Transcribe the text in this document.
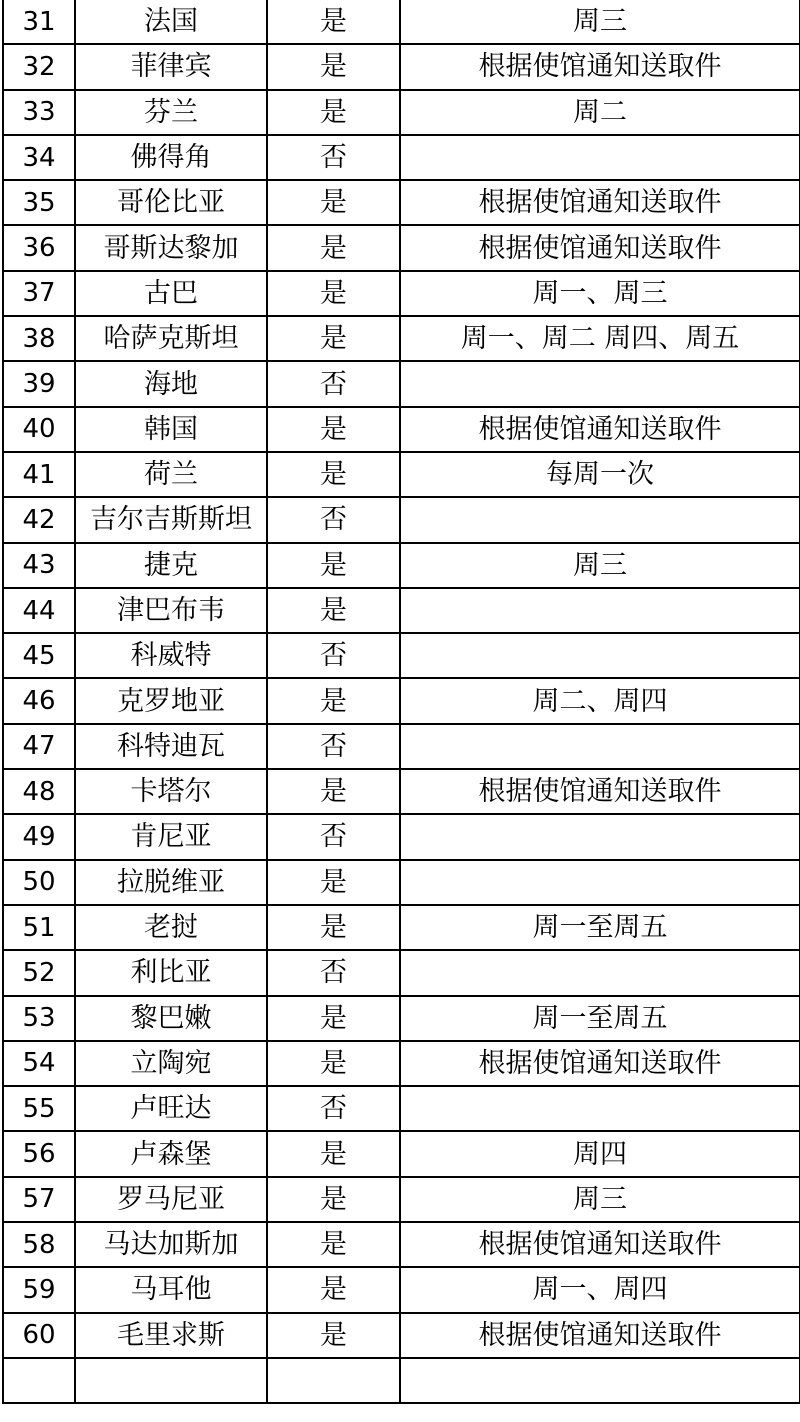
31	法国	是	周三
32	菲律宾	是	根据使馆通知送取件
33	芬兰	是	周二
34	佛得角	否	
35	哥伦比亚	是	根据使馆通知送取件
36	哥斯达黎加	是	根据使馆通知送取件
37	古巴	是	周一、周三
38	哈萨克斯坦	是	周一、周二 周四、周五
39	海地	否	
40	韩国	是	根据使馆通知送取件
41	荷兰	是	每周一次
42	吉尔吉斯斯坦	否	
43	捷克	是	周三
44	津巴布韦	是	
45	科威特	否	
46	克罗地亚	是	周二、周四
47	科特迪瓦	否	
48	卡塔尔	是	根据使馆通知送取件
49	肯尼亚	否	
50	拉脱维亚	是	
51	老挝	是	周一至周五
52	利比亚	否	
53	黎巴嫩	是	周一至周五
54	立陶宛	是	根据使馆通知送取件
55	卢旺达	否	
56	卢森堡	是	周四
57	罗马尼亚	是	周三
58	马达加斯加	是	根据使馆通知送取件
59	马耳他	是	周一、周四
60	毛里求斯	是	根据使馆通知送取件
